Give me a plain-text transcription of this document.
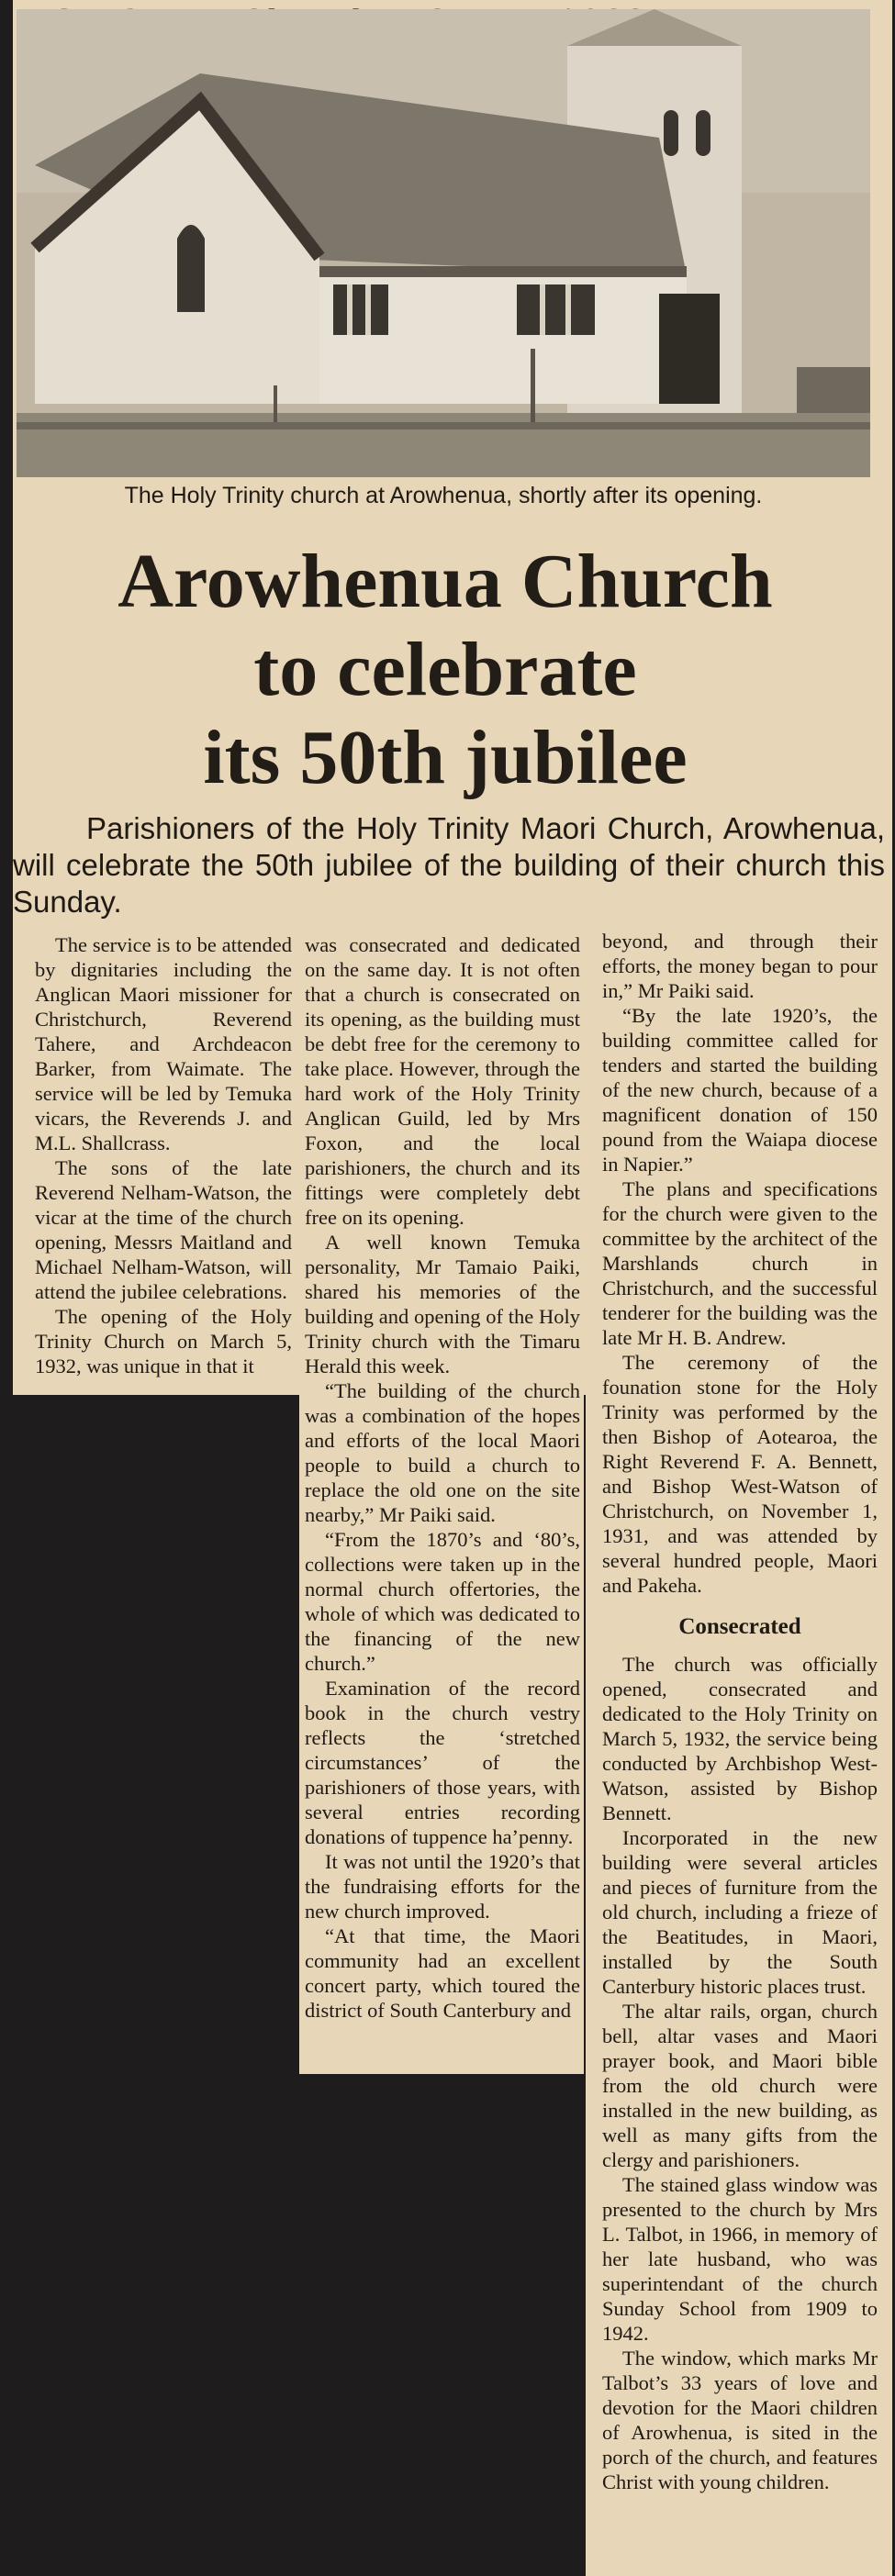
The Holy Trinity church at Arowhenua, shortly after its opening.
Arowhenua Church
to celebrate
its 50th jubilee
Parishioners of the Holy Trinity Maori Church, Arowhenua, will celebrate the 50th jubilee of the building of their church this Sunday.

The service is to be attended by dignitaries including the Anglican Maori missioner for Christchurch, Reverend Tahere, and Archdeacon Barker, from Waimate. The service will be led by Temuka vicars, the Reverends J. and M.L. Shallcrass.

The sons of the late Reverend Nelham-Watson, the vicar at the time of the church opening, Messrs Maitland and Michael Nelham-Watson, will attend the jubilee celebrations.

The opening of the Holy Trinity Church on March 5, 1932, was unique in that it

was consecrated and dedicated on the same day. It is not often that a church is consecrated on its opening, as the building must be debt free for the ceremony to take place. However, through the hard work of the Holy Trinity Anglican Guild, led by Mrs Foxon, and the local parishioners, the church and its fittings were completely debt free on its opening.

A well known Temuka personality, Mr Tamaio Paiki, shared his memories of the building and opening of the Holy Trinity church with the Timaru Herald this week.

“The building of the church was a combination of the hopes and efforts of the local Maori people to build a church to replace the old one on the site nearby,” Mr Paiki said.

“From the 1870’s and ‘80’s, collections were taken up in the normal church offertories, the whole of which was dedicated to the financing of the new church.”

Examination of the record book in the church vestry reflects the ‘stretched circumstances’ of the parishioners of those years, with several entries recording donations of tuppence ha’penny.

It was not until the 1920’s that the fundraising efforts for the new church improved.

“At that time, the Maori community had an excellent concert party, which toured the district of South Canterbury and

beyond, and through their efforts, the money began to pour in,” Mr Paiki said.

“By the late 1920’s, the building committee called for tenders and started the building of the new church, because of a magnificent donation of 150 pound from the Waiapa diocese in Napier.”

The plans and specifications for the church were given to the committee by the architect of the Marshlands church in Christchurch, and the successful tenderer for the building was the late Mr H. B. Andrew.

The ceremony of the founation stone for the Holy Trinity was performed by the then Bishop of Aotearoa, the Right Reverend F. A. Bennett, and Bishop West-Watson of Christchurch, on November 1, 1931, and was attended by several hundred people, Maori and Pakeha.

Consecrated

The church was officially opened, consecrated and dedicated to the Holy Trinity on March 5, 1932, the service being conducted by Archbishop West-Watson, assisted by Bishop Bennett.

Incorporated in the new building were several articles and pieces of furniture from the old church, including a frieze of the Beatitudes, in Maori, installed by the South Canterbury historic places trust.

The altar rails, organ, church bell, altar vases and Maori prayer book, and Maori bible from the old church were installed in the new building, as well as many gifts from the clergy and parishioners.

The stained glass window was presented to the church by Mrs L. Talbot, in 1966, in memory of her late husband, who was superintendant of the church Sunday School from 1909 to 1942.

The window, which marks Mr Talbot’s 33 years of love and devotion for the Maori children of Arowhenua, is sited in the porch of the church, and features Christ with young children.
